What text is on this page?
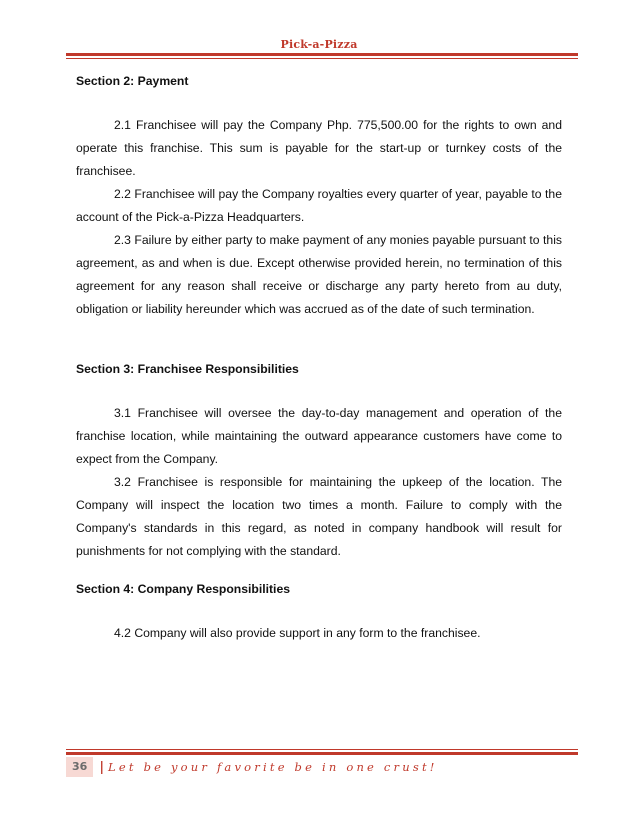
Pick-a-Pizza
Section 2: Payment

2.1 Franchisee will pay the Company Php. 775,500.00 for the rights to own and operate this franchise. This sum is payable for the start-up or turnkey costs of the franchisee.

2.2 Franchisee will pay the Company royalties every quarter of year, payable to the account of the Pick-a-Pizza Headquarters.

2.3 Failure by either party to make payment of any monies payable pursuant to this agreement, as and when is due. Except otherwise provided herein, no termination of this agreement for any reason shall receive or discharge any party hereto from au duty, obligation or liability hereunder which was accrued as of the date of such termination.

Section 3: Franchisee Responsibilities

3.1 Franchisee will oversee the day-to-day management and operation of the franchise location, while maintaining the outward appearance customers have come to expect from the Company.

3.2 Franchisee is responsible for maintaining the upkeep of the location. The Company will inspect the location two times a month. Failure to comply with the Company's standards in this regard, as noted in company handbook will result for punishments for not complying with the standard.

Section 4: Company Responsibilities

4.2 Company will also provide support in any form to the franchisee.

36 | Let be your favorite be in one crust!
